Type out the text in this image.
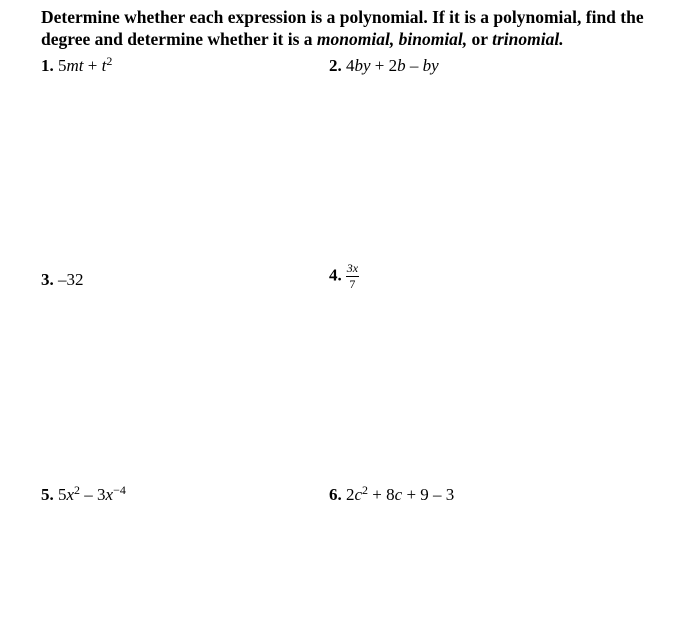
Determine whether each expression is a polynomial. If it is a polynomial, find the degree and determine whether it is a monomial, binomial, or trinomial.
1. $5mt + t^2$	2. 4by + 2b – by
3. –32	4. $\frac{3x}{7}$
5. $5x^2 - 3x^{-4}$	6. $2c^2 + 8c + 9 - 3$
